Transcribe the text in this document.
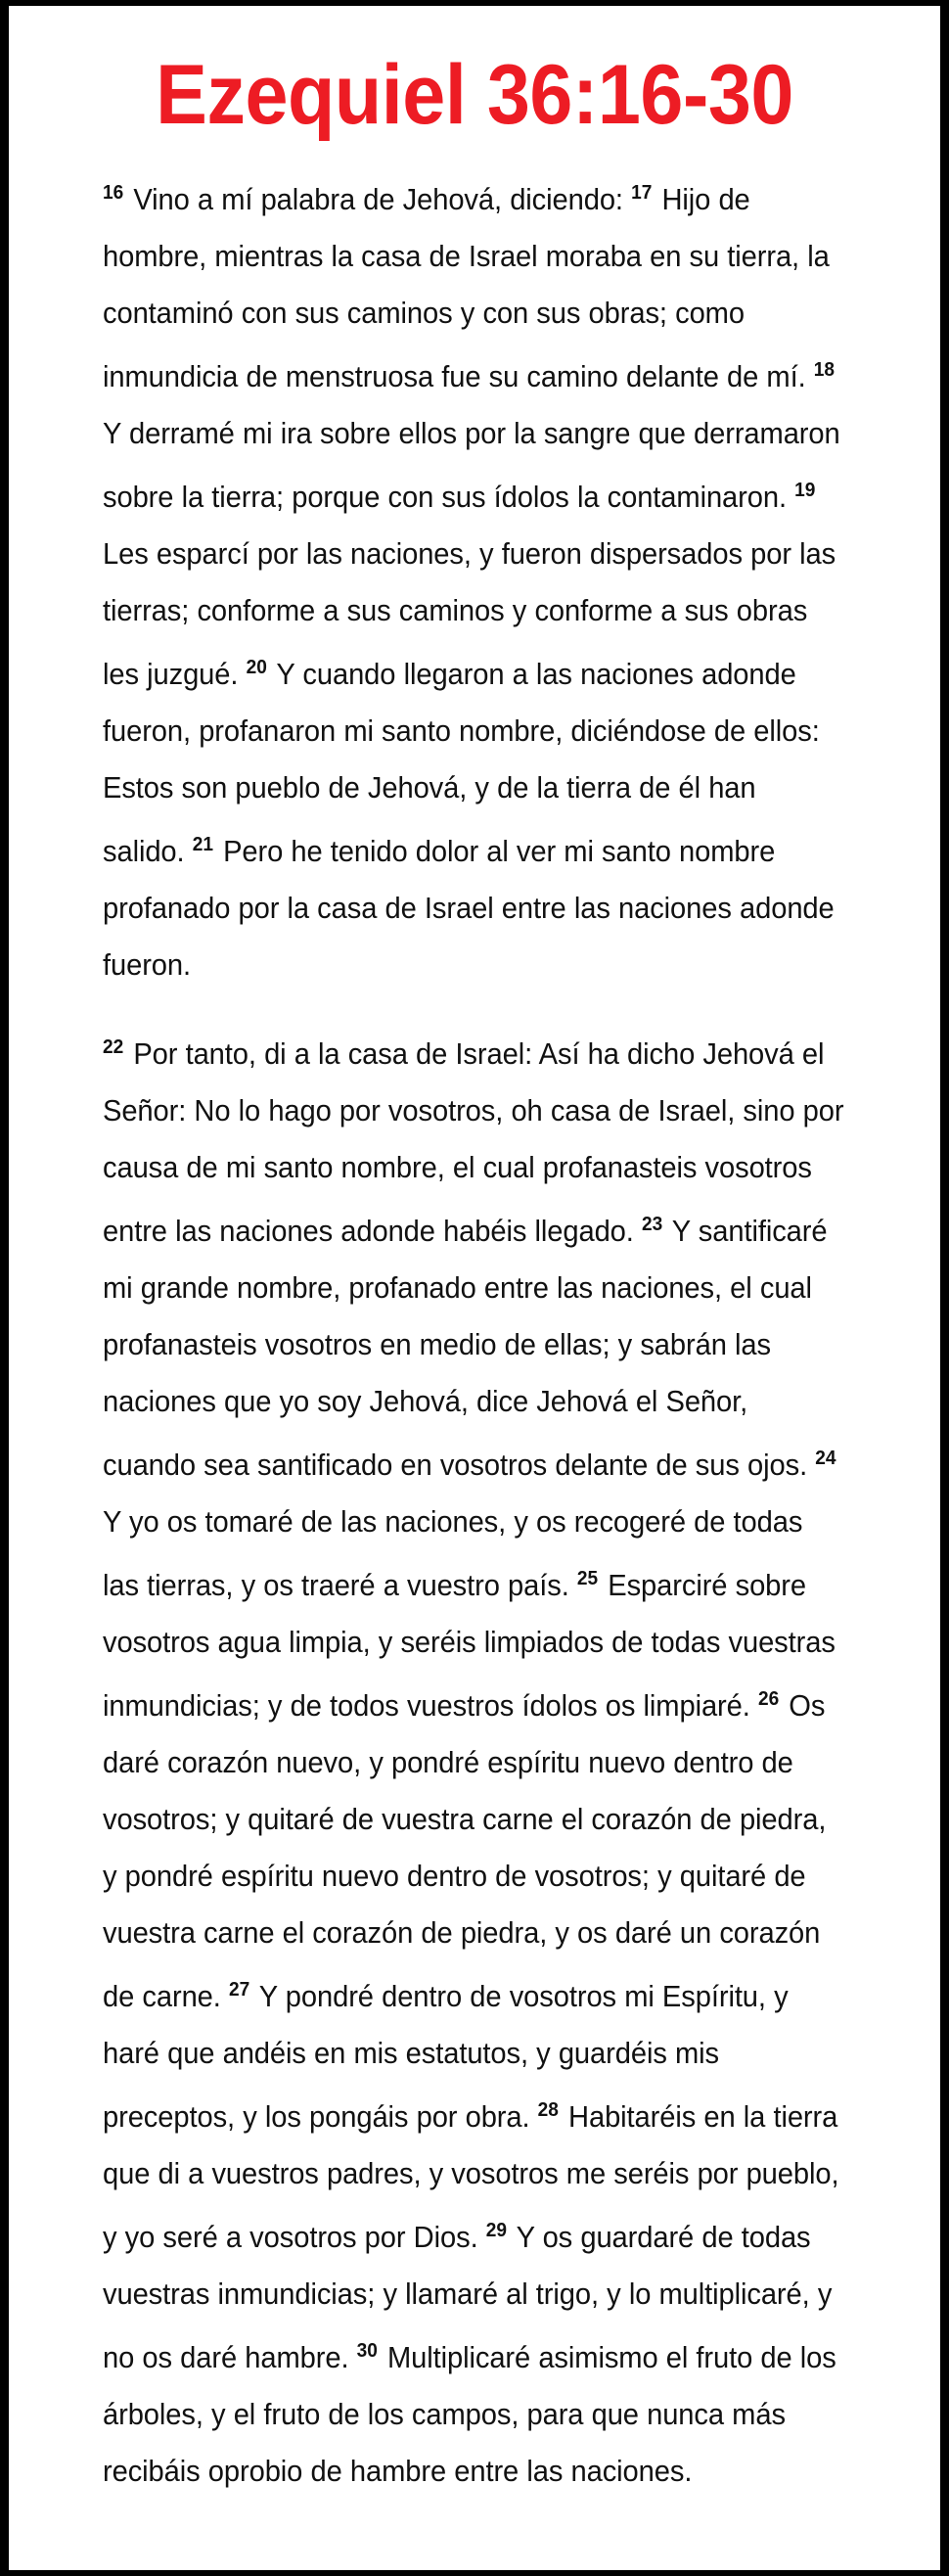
Ezequiel 36:16-30

$^{16}$ Vino a mí palabra de Jehová, diciendo: $^{17}$ Hijo de hombre, mientras la casa de Israel moraba en su tierra, la contaminó con sus caminos y con sus obras; como inmundicia de menstruosa fue su camino delante de mí. $^{18}$ Y derramé mi ira sobre ellos por la sangre que derramaron sobre la tierra; porque con sus ídolos la contaminaron. $^{19}$ Les esparcí por las naciones, y fueron dispersados por las tierras; conforme a sus caminos y conforme a sus obras les juzgué. $^{20}$ Y cuando llegaron a las naciones adonde fueron, profanaron mi santo nombre, diciéndose de ellos: Estos son pueblo de Jehová, y de la tierra de él han salido. $^{21}$ Pero he tenido dolor al ver mi santo nombre profanado por la casa de Israel entre las naciones adonde fueron.

$^{22}$ Por tanto, di a la casa de Israel: Así ha dicho Jehová el Señor: No lo hago por vosotros, oh casa de Israel, sino por causa de mi santo nombre, el cual profanasteis vosotros entre las naciones adonde habéis llegado. $^{23}$ Y santificaré mi grande nombre, profanado entre las naciones, el cual profanasteis vosotros en medio de ellas; y sabrán las naciones que yo soy Jehová, dice Jehová el Señor, cuando sea santificado en vosotros delante de sus ojos. $^{24}$ Y yo os tomaré de las naciones, y os recogeré de todas las tierras, y os traeré a vuestro país. $^{25}$ Esparciré sobre vosotros agua limpia, y seréis limpiados de todas vuestras inmundicias; y de todos vuestros ídolos os limpiaré. $^{26}$ Os daré corazón nuevo, y pondré espíritu nuevo dentro de vosotros; y quitaré de vuestra carne el corazón de piedra, y pondré espíritu nuevo dentro de vosotros; y quitaré de vuestra carne el corazón de piedra, y os daré un corazón de carne. $^{27}$ Y pondré dentro de vosotros mi Espíritu, y haré que andéis en mis estatutos, y guardéis mis preceptos, y los pongáis por obra. $^{28}$ Habitaréis en la tierra que di a vuestros padres, y vosotros me seréis por pueblo, y yo seré a vosotros por Dios. $^{29}$ Y os guardaré de todas vuestras inmundicias; y llamaré al trigo, y lo multiplicaré, y no os daré hambre. $^{30}$ Multiplicaré asimismo el fruto de los árboles, y el fruto de los campos, para que nunca más recibáis oprobio de hambre entre las naciones.
